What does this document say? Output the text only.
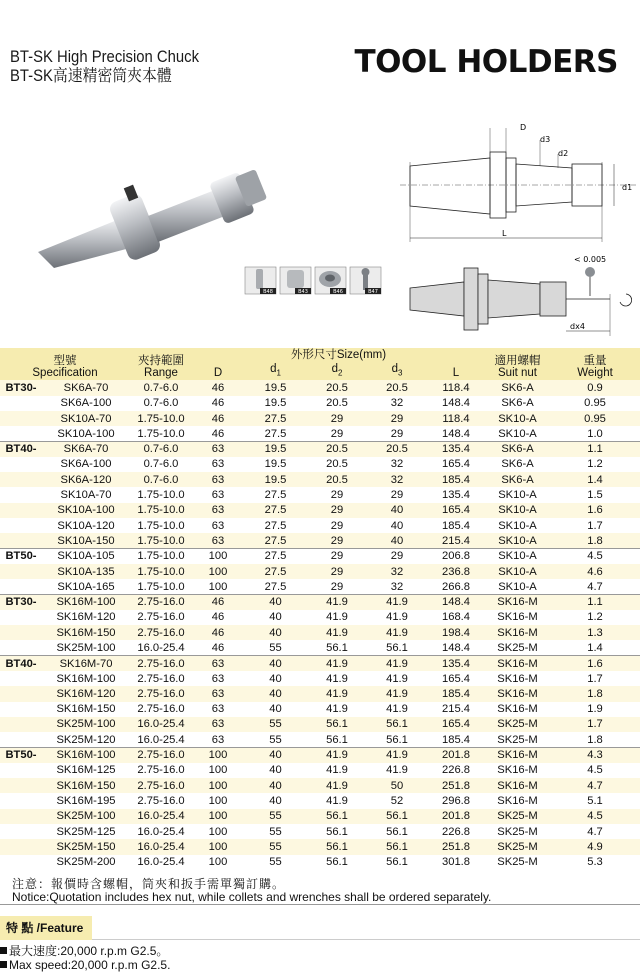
BT-SK High Precision Chuck
BT-SK高速精密筒夾本體	TOOL HOLDERS
B48	B43	B46	B47
D
d3
d2
d1
L
< 0.005
dx4
型號
Specification		夾持範圍
Range	外形尺寸Size(mm)					適用螺帽
Suit nut	重量
Weight
			D	$d_1$	$d_2$	$d_3$	L		
BT30-	SK6A-70	0.7-6.0	46	19.5	20.5	20.5	118.4	SK6-A	0.9
	SK6A-100	0.7-6.0	46	19.5	20.5	32	148.4	SK6-A	0.95
	SK10A-70	1.75-10.0	46	27.5	29	29	118.4	SK10-A	0.95
	SK10A-100	1.75-10.0	46	27.5	29	29	148.4	SK10-A	1.0
BT40-	SK6A-70	0.7-6.0	63	19.5	20.5	20.5	135.4	SK6-A	1.1
	SK6A-100	0.7-6.0	63	19.5	20.5	32	165.4	SK6-A	1.2
	SK6A-120	0.7-6.0	63	19.5	20.5	32	185.4	SK6-A	1.4
	SK10A-70	1.75-10.0	63	27.5	29	29	135.4	SK10-A	1.5
	SK10A-100	1.75-10.0	63	27.5	29	40	165.4	SK10-A	1.6
	SK10A-120	1.75-10.0	63	27.5	29	40	185.4	SK10-A	1.7
	SK10A-150	1.75-10.0	63	27.5	29	40	215.4	SK10-A	1.8
BT50-	SK10A-105	1.75-10.0	100	27.5	29	29	206.8	SK10-A	4.5
	SK10A-135	1.75-10.0	100	27.5	29	32	236.8	SK10-A	4.6
	SK10A-165	1.75-10.0	100	27.5	29	32	266.8	SK10-A	4.7
BT30-	SK16M-100	2.75-16.0	46	40	41.9	41.9	148.4	SK16-M	1.1
	SK16M-120	2.75-16.0	46	40	41.9	41.9	168.4	SK16-M	1.2
	SK16M-150	2.75-16.0	46	40	41.9	41.9	198.4	SK16-M	1.3
	SK25M-100	16.0-25.4	46	55	56.1	56.1	148.4	SK25-M	1.4
BT40-	SK16M-70	2.75-16.0	63	40	41.9	41.9	135.4	SK16-M	1.6
	SK16M-100	2.75-16.0	63	40	41.9	41.9	165.4	SK16-M	1.7
	SK16M-120	2.75-16.0	63	40	41.9	41.9	185.4	SK16-M	1.8
	SK16M-150	2.75-16.0	63	40	41.9	41.9	215.4	SK16-M	1.9
	SK25M-100	16.0-25.4	63	55	56.1	56.1	165.4	SK25-M	1.7
	SK25M-120	16.0-25.4	63	55	56.1	56.1	185.4	SK25-M	1.8
BT50-	SK16M-100	2.75-16.0	100	40	41.9	41.9	201.8	SK16-M	4.3
	SK16M-125	2.75-16.0	100	40	41.9	41.9	226.8	SK16-M	4.5
	SK16M-150	2.75-16.0	100	40	41.9	50	251.8	SK16-M	4.7
	SK16M-195	2.75-16.0	100	40	41.9	52	296.8	SK16-M	5.1
	SK25M-100	16.0-25.4	100	55	56.1	56.1	201.8	SK25-M	4.5
	SK25M-125	16.0-25.4	100	55	56.1	56.1	226.8	SK25-M	4.7
	SK25M-150	16.0-25.4	100	55	56.1	56.1	251.8	SK25-M	4.9
	SK25M-200	16.0-25.4	100	55	56.1	56.1	301.8	SK25-M	5.3
注意：報價時含螺帽，筒夾和扳手需單獨訂購。
Notice:Quotation includes hex nut, while collets and wrenches shall be ordered separately.
特 點 /Feature
最大速度:20,000 r.p.m G2.5。
Max speed:20,000 r.p.m G2.5.
